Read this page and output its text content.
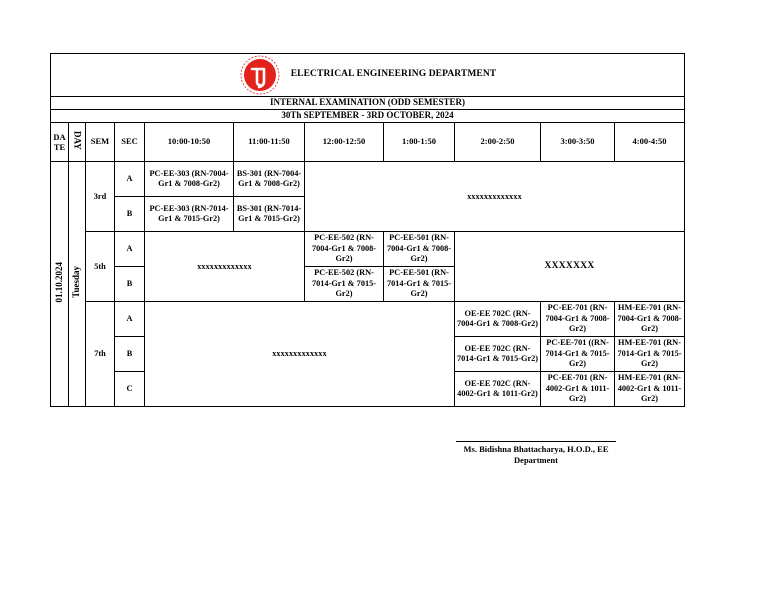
ELECTRICAL ENGINEERING DEPARTMENT										

INTERNAL EXAMINATION (ODD SEMESTER)										
30Th SEPTEMBER - 3RD OCTOBER, 2024										

DA TE	DAY	SEM	SEC	10:00-10:50	11:00-11:50	12:00-12:50	1:00-1:50	2:00-2:50	3:00-3:50	4:00-4:50
01.10.2024	Tuesday	3rd	A	PC-EE-303 (RN-7004-Gr1 & 7008-Gr2)	BS-301 (RN-7004-Gr1 & 7008-Gr2)	xxxxxxxxxxxxx				
			B	PC-EE-303 (RN-7014-Gr1 & 7015-Gr2)	BS-301 (RN-7014-Gr1 & 7015-Gr2)					
		5th	A	xxxxxxxxxxxxx		PC-EE-502 (RN-7004-Gr1 & 7008-Gr2)	PC-EE-501 (RN-7004-Gr1 & 7008-Gr2)	XXXXXXX		
			B			PC-EE-502 (RN-7014-Gr1 & 7015-Gr2)	PC-EE-501 (RN-7014-Gr1 & 7015-Gr2)			
		7th	A	xxxxxxxxxxxxx				OE-EE 702C (RN-7004-Gr1 & 7008-Gr2)	PC-EE-701 (RN-7004-Gr1 & 7008-Gr2)	HM-EE-701 (RN-7004-Gr1 & 7008-Gr2)
			B					OE-EE 702C (RN-7014-Gr1 & 7015-Gr2)	PC-EE-701 ((RN-7014-Gr1 & 7015-Gr2)	HM-EE-701 (RN-7014-Gr1 & 7015-Gr2)
			C					OE-EE 702C (RN-4002-Gr1 & 1011-Gr2)	PC-EE-701 (RN-4002-Gr1 & 1011-Gr2)	HM-EE-701 (RN-4002-Gr1 & 1011-Gr2)
Ms. Bidishna Bhattacharya, H.O.D., EE
Department
